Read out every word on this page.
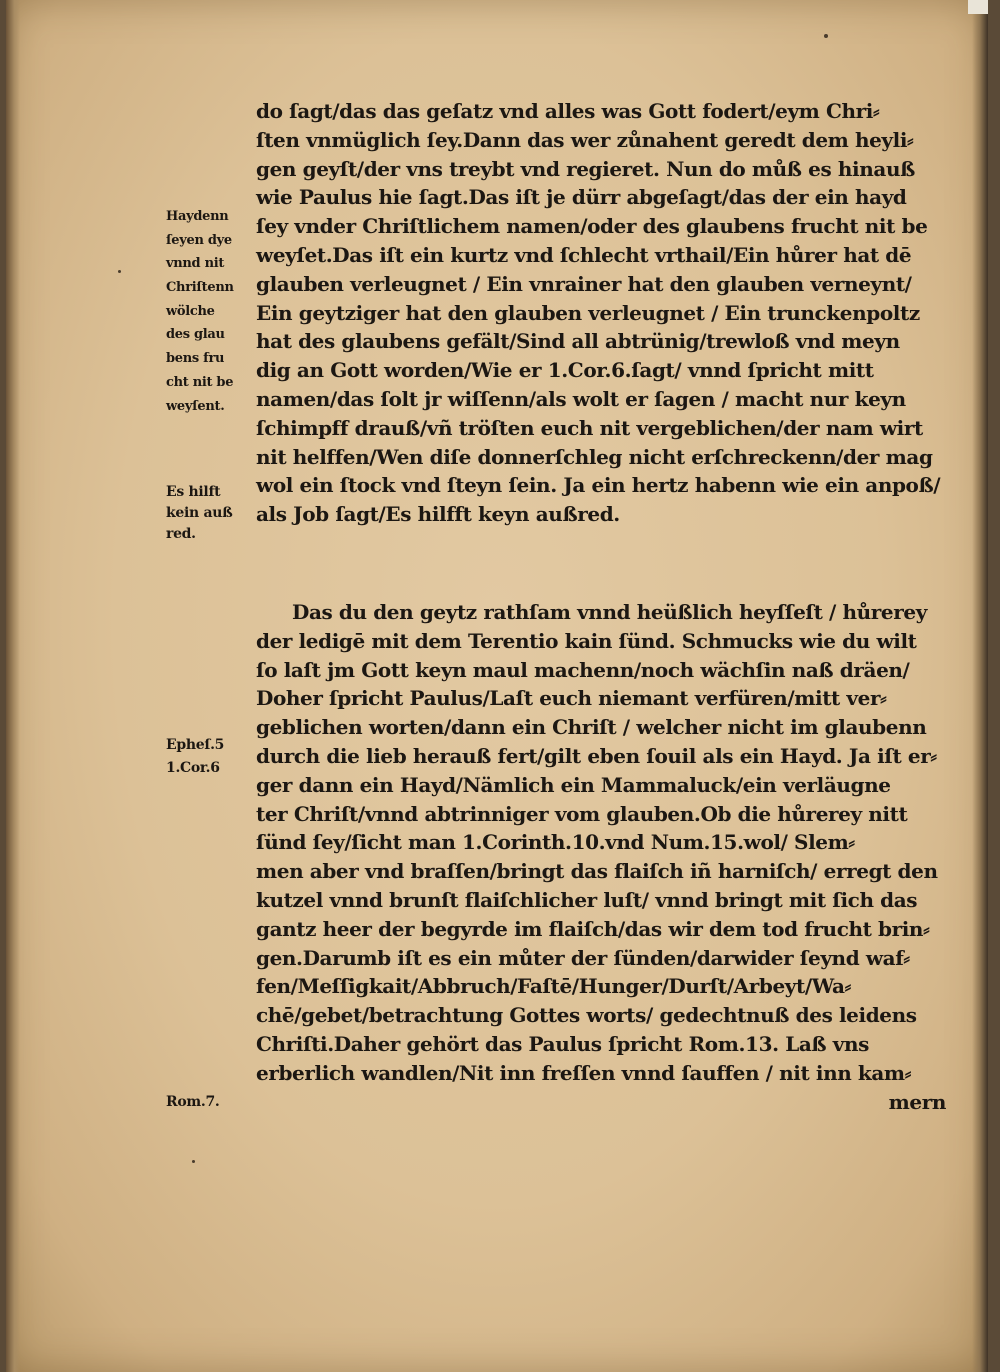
do ſagt/das das geſatz vnd alles was Gott fodert/eym Chri⸗
ſten vnmüglich ſey.Dann das wer zůnahent geredt dem heyli⸗
gen geyſt/der vns treybt vnd regieret. Nun do můß es hinauß
wie Paulus hie ſagt.Das iſt je dürr abgeſagt/das der ein hayd
ſey vnder Chriſtlichem namen/oder des glaubens frucht nit be
weyſet.Das iſt ein kurtz vnd ſchlecht vrthail/Ein hůrer hat dē
glauben verleugnet / Ein vnrainer hat den glauben verneynt/
Ein geytziger hat den glauben verleugnet / Ein trunckenpoltz
hat des glaubens gefält/Sind all abtrünig/trewloß vnd meyn
dig an Gott worden/Wie er 1.Cor.6.ſagt/ vnnd ſpricht mitt
namen/das ſolt jr wiſſenn/als wolt er ſagen / macht nur keyn
ſchimpff drauß/vñ tröſten euch nit vergeblichen/der nam wirt
nit helffen/Wen diſe donnerſchleg nicht erſchreckenn/der mag
wol ein ſtock vnd ſteyn ſein. Ja ein hertz habenn wie ein anpoß/
als Job ſagt/Es hilfft keyn außred.
Das du den geytz rathſam vnnd heüßlich heyſſeſt / hůrerey
der ledigē mit dem Terentio kain ſünd. Schmucks wie du wilt
ſo laſt jm Gott keyn maul machenn/noch wächſin naß dräen/
Doher ſpricht Paulus/Laſt euch niemant verfüren/mitt ver⸗
geblichen worten/dann ein Chriſt / welcher nicht im glaubenn
durch die lieb herauß fert/gilt eben ſouil als ein Hayd. Ja iſt er⸗
ger dann ein Hayd/Nämlich ein Mammaluck/ein verläugne
ter Chriſt/vnnd abtrinniger vom glauben.Ob die hůrerey nitt
ſünd ſey/ſicht man 1.Corinth.10.vnd Num.15.wol/ Slem⸗
men aber vnd braſſen/bringt das flaiſch iñ harniſch/ erregt den
kutzel vnnd brunſt flaiſchlicher luſt/ vnnd bringt mit ſich das
gantz heer der begyrde im flaiſch/das wir dem tod frucht brin⸗
gen.Darumb iſt es ein můter der ſünden/darwider ſeynd waf⸗
fen/Meſſigkait/Abbruch/Faſtē/Hunger/Durſt/Arbeyt/Wa⸗
chē/gebet/betrachtung Gottes worts/ gedechtnuß des leidens
Chriſti.Daher gehört das Paulus ſpricht Rom.13. Laß vns
erberlich wandlen/Nit inn freſſen vnnd ſauffen / nit inn kam⸗
mern
Haydenn
ſeyen dye
vnnd nit
Chriſtenn
wölche
des glau
bens fru
cht nit be
weyſent.
Es hilft
kein auß
red.
Epheſ.5
1.Cor.6
Rom.7.
